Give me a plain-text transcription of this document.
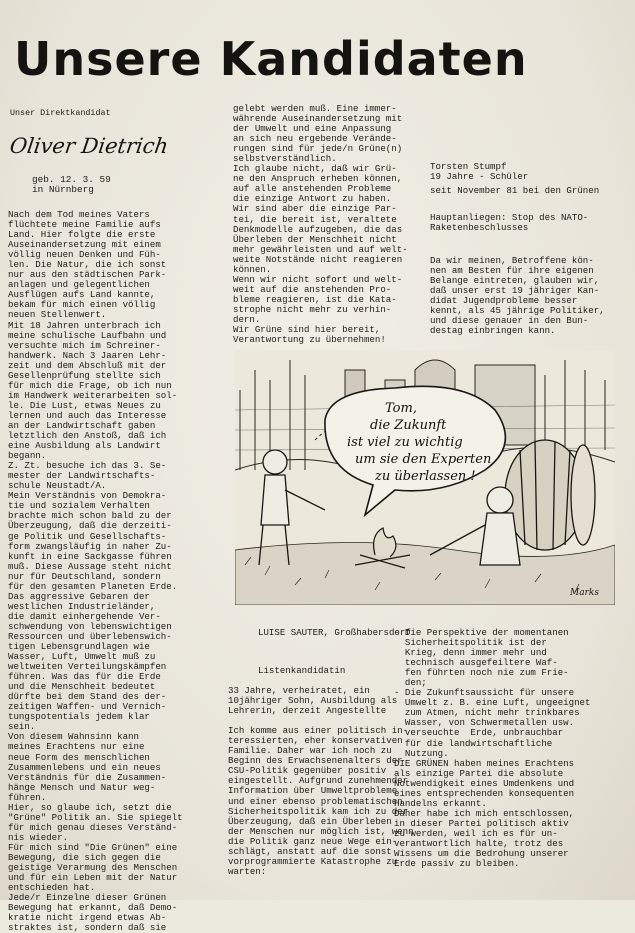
Unsere Kandidaten
Unser Direktkandidat
Oliver Dietrich
geb. 12. 3. 59
in Nürnberg
Nach dem Tod meines Vaters
flüchtete meine Familie aufs
Land. Hier folgte die erste
Auseinandersetzung mit einem
völlig neuen Denken und Füh-
len. Die Natur, die ich sonst
nur aus den städtischen Park-
anlagen und gelegentlichen
Ausflügen aufs Land kannte,
bekam für mich einen völlig
neuen Stellenwert.
Mit 18 Jahren unterbrach ich
meine schulische Laufbahn und
versuchte mich im Schreiner-
handwerk. Nach 3 Jaaren Lehr-
zeit und dem Abschluß mit der
Gesellenprüfung stellte sich
für mich die Frage, ob ich nun
im Handwerk weiterarbeiten sol-
le. Die Lust, etwas Neues zu
lernen und auch das Interesse
an der Landwirtschaft gaben
letztlich den Anstoß, daß ich
eine Ausbildung als Landwirt
begann.
Z. Zt. besuche ich das 3. Se-
mester der Landwirtschafts-
schule Neustadt/A.
Mein Verständnis von Demokra-
tie und sozialem Verhalten
brachte mich schon bald zu der
Überzeugung, daß die derzeiti-
ge Politik und Gesellschafts-
form zwangsläufig in naher Zu-
kunft in eine Sackgasse führen
muß. Diese Aussage steht nicht
nur für Deutschland, sondern
für den gesamten Planeten Erde.
Das aggressive Gebaren der
westlichen Industrieländer,
die damit einhergehende Ver-
schwendung von lebenswichtigen
Ressourcen und überlebenswich-
tigen Lebensgrundlagen wie
Wasser, Luft, Umwelt muß zu
weltweiten Verteilungskämpfen
führen. Was das für die Erde
und die Menschheit bedeutet
dürfte bei dem Stand des der-
zeitigen Waffen- und Vernich-
tungspotentials jedem klar
sein.
Von diesem Wahnsinn kann
meines Erachtens nur eine
neue Form des menschlichen
Zusammenlebens und ein neues
Verständnis für die Zusammen-
hänge Mensch und Natur weg-
führen.
Hier, so glaube ich, setzt die
"Grüne" Politik an. Sie spiegelt
für mich genau dieses Verständ-
nis wieder.
Für mich sind "Die Grünen" eine
Bewegung, die sich gegen die
geistige Verarmung des Menschen
und für ein Leben mit der Natur
entschieden hat.
Jede/r Einzelne dieser Grünen
Bewegung hat erkannt, daß Demo-
kratie nicht irgend etwas Ab-
straktes ist, sondern daß sie
gelebt werden muß. Eine immer-
währende Auseinandersetzung mit
der Umwelt und eine Anpassung
an sich neu ergebende Verände-
rungen sind für jede/n Grüne(n)
selbstverständlich.
Ich glaube nicht, daß wir Grü-
ne den Anspruch erheben können,
auf alle anstehenden Probleme
die einzige Antwort zu haben.
Wir sind aber die einzige Par-
tei, die bereit ist, veraltete
Denkmodelle aufzugeben, die das
Überleben der Menschheit nicht
mehr gewährleisten und auf welt-
weite Notstände nicht reagieren
können.
Wenn wir nicht sofort und welt-
weit auf die anstehenden Pro-
bleme reagieren, ist die Kata-
strophe nicht mehr zu verhin-
dern.
Wir Grüne sind hier bereit,
Verantwortung zu übernehmen!
Torsten Stumpf
19 Jahre - Schüler
seit November 81 bei den Grünen
Hauptanliegen: Stop des NATO-
Raketenbeschlusses
Da wir meinen, Betroffene kön-
nen am Besten für ihre eigenen
Belange eintreten, glauben wir,
daß unser erst 19 jähriger Kan-
didat Jugendprobleme besser
kennt, als 45 jährige Politiker,
und diese genauer in den Bun-
destag einbringen kann.
Tom,
die Zukunft
ist viel zu wichtig
um sie den Experten
zu überlassen !
Marks
LUISE SAUTER, Großhabersdorf
Listenkandidatin
33 Jahre, verheiratet, ein
10jähriger Sohn, Ausbildung als
Lehrerin, derzeit Angestellte

Ich komme aus einer politisch in-
teressierten, eher konservativen
Familie. Daher war ich noch zu
Beginn des Erwachsenenalters der
CSU-Politik gegenüber positiv
eingestellt. Aufgrund zunehmender
Information über Umweltprobleme
und einer ebenso problematischen
Sicherheitspolitik kam ich zu der
Überzeugung, daß ein Überleben
der Menschen nur möglich ist, wenn
die Politik ganz neue Wege ein-
schlägt, anstatt auf die sonst
vorprogrammierte Katastrophe zu
warten:
- Die Perspektive der momentanen
Sicherheitspolitik ist der
Krieg, denn immer mehr und
technisch ausgefeiltere Waf-
fen führten noch nie zum Frie-
den;
- Die Zukunftsaussicht für unsere
Umwelt z. B. eine Luft, ungeeignet
zum Atmen, nicht mehr trinkbares
Wasser, von Schwermetallen usw.
verseuchte  Erde, unbrauchbar
für die landwirtschaftliche
Nutzung.
DIE GRÜNEN haben meines Erachtens
als einzige Partei die absolute
Notwendigkeit eines Umdenkens und
eines entsprechenden konsequenten
Handelns erkannt.
Daher habe ich mich entschlossen,
in dieser Partei politisch aktiv
zu werden, weil ich es für un-
verantwortlich halte, trotz des
Wissens um die Bedrohung unserer
Erde passiv zu bleiben.
